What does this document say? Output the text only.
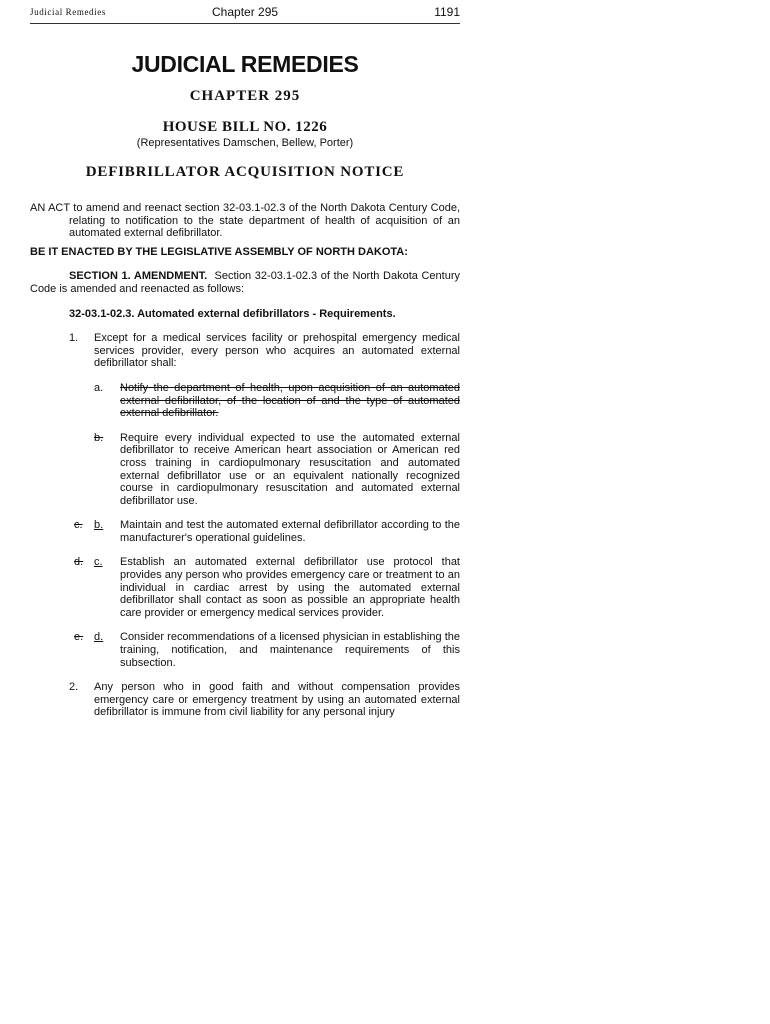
Judicial Remedies	Chapter 295	1191
JUDICIAL REMEDIES
CHAPTER 295
HOUSE BILL NO. 1226
(Representatives Damschen, Bellew, Porter)
DEFIBRILLATOR ACQUISITION NOTICE
AN ACT to amend and reenact section 32-03.1-02.3 of the North Dakota Century Code, relating to notification to the state department of health of acquisition of an automated external defibrillator.
BE IT ENACTED BY THE LEGISLATIVE ASSEMBLY OF NORTH DAKOTA:
SECTION 1. AMENDMENT. Section 32-03.1-02.3 of the North Dakota Century Code is amended and reenacted as follows:
32-03.1-02.3. Automated external defibrillators - Requirements.
1. Except for a medical services facility or prehospital emergency medical services provider, every person who acquires an automated external defibrillator shall:
a. Notify the department of health, upon acquisition of an automated external defibrillator, of the location of and the type of automated external defibrillator.
b. Require every individual expected to use the automated external defibrillator to receive American heart association or American red cross training in cardiopulmonary resuscitation and automated external defibrillator use or an equivalent nationally recognized course in cardiopulmonary resuscitation and automated external defibrillator use.
c. b. Maintain and test the automated external defibrillator according to the manufacturer's operational guidelines.
d. c. Establish an automated external defibrillator use protocol that provides any person who provides emergency care or treatment to an individual in cardiac arrest by using the automated external defibrillator shall contact as soon as possible an appropriate health care provider or emergency medical services provider.
e. d. Consider recommendations of a licensed physician in establishing the training, notification, and maintenance requirements of this subsection.
2. Any person who in good faith and without compensation provides emergency care or emergency treatment by using an automated external defibrillator is immune from civil liability for any personal injury
